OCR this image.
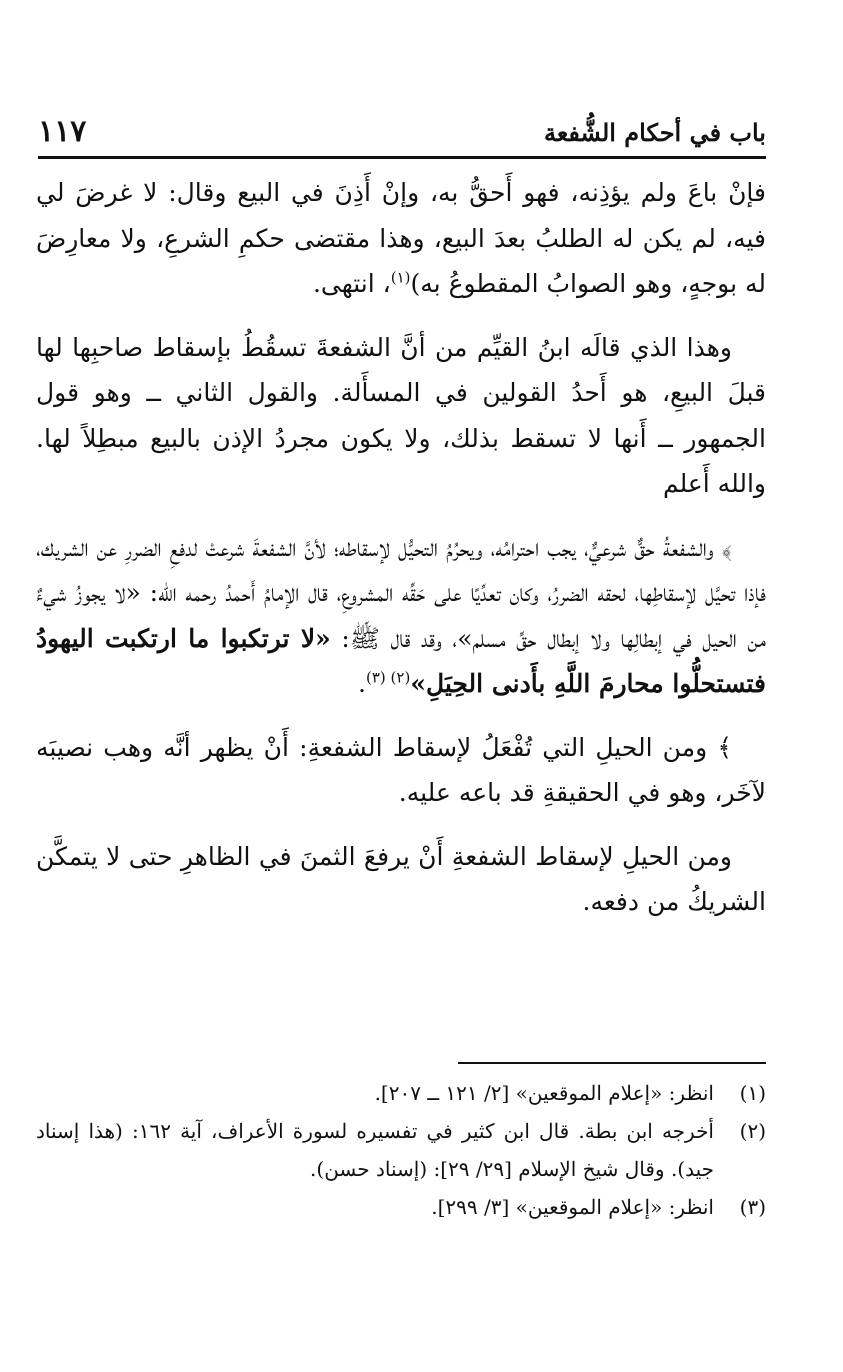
باب في أحكام الشُّفعة
١١٧

فإنْ باعَ ولم يؤذِنه، فهو أَحقُّ به، وإنْ أَذِنَ في البيع وقال: لا غرضَ لي فيه، لم يكن له الطلبُ بعدَ البيع، وهذا مقتضى حكمِ الشرعِ، ولا معارِضَ له بوجهٍ، وهو الصوابُ المقطوعُ به)$^{(١)}$، انتهى.

وهذا الذي قالَه ابنُ القيِّم من أنَّ الشفعةَ تسقُطُ بإسقاط صاحبِها لها قبلَ البيعِ، هو أَحدُ القولين في المسأَلة. والقول الثاني ــ وهو قول الجمهور ــ أَنها لا تسقط بذلك، ولا يكون مجردُ الإذن بالبيع مبطِلاً لها. والله أَعلم

﴾ والشفعةُ حقٌّ شرعيٌّ، يجب احترامُه، ويحرُمُ التحيُّل لإسقاطه؛ لأنَّ الشفعةَ شرعتْ لدفعِ الضررِ عن الشريك، فإذا تحيَّل لإسقاطِها، لحقه الضررُ، وكان تعدِّيًا على حَقِّه المشروعِ، قال الإمامُ أَحمدُ رحمه الله: «لا يجوزُ شيءٌ من الحيل في إبطالِها ولا إبطال حقِّ مسلم»، وقد قال ﷺ: «لا ترتكبوا ما ارتكبت اليهودُ فتستحلُّوا محارمَ اللَّهِ بأَدنى الحِيَلِ»$^{(٢) (٣)}$.

﴾ ومن الحيلِ التي تُفْعَلُ لإسقاط الشفعةِ: أَنْ يظهر أنَّه وهب نصيبَه لآخَر، وهو في الحقيقةِ قد باعه عليه.

ومن الحيلِ لإسقاط الشفعةِ أَنْ يرفعَ الثمنَ في الظاهرِ حتى لا يتمكَّن الشريكُ من دفعه.

(١)
انظر: «إعلام الموقعين» [٢/ ١٢١ ــ ٢٠٧].
(٢)
أخرجه ابن بطة. قال ابن كثير في تفسيره لسورة الأعراف، آية ١٦٢: (هذا إسناد جيد). وقال شيخ الإسلام [٢٩/ ٢٩]: (إسناد حسن).
(٣)
انظر: «إعلام الموقعين» [٣/ ٢٩٩].
